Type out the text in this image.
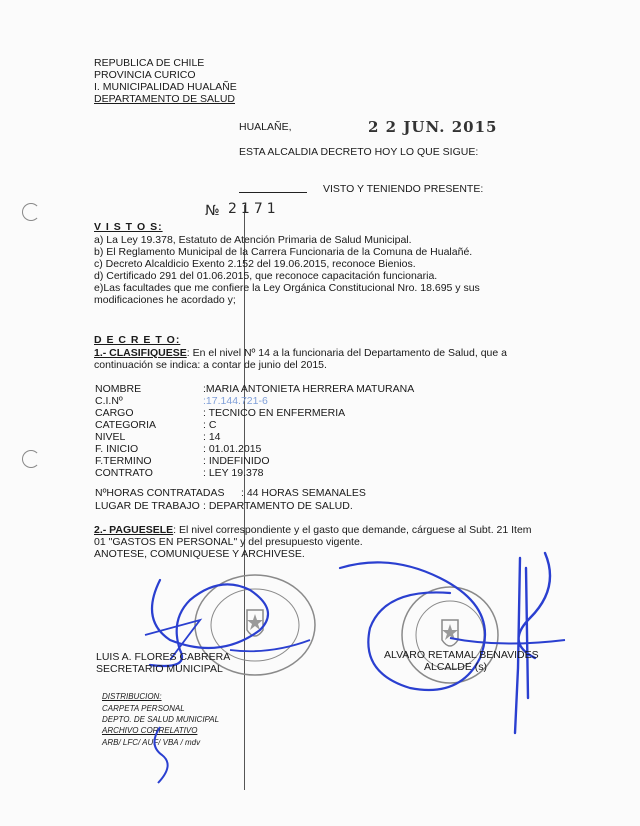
REPUBLICA DE CHILE
PROVINCIA CURICO
I. MUNICIPALIDAD HUALAÑE
DEPARTAMENTO DE SALUD
HUALAÑE,	2 2 JUN. 2015
ESTA ALCALDIA DECRETO HOY LO QUE SIGUE:
VISTO Y TENIENDO PRESENTE:
№ 2171
V I S T O S:
a) La Ley 19.378, Estatuto de Atención Primaria de Salud Municipal.
b) El Reglamento Municipal de la Carrera Funcionaria de la Comuna de Hualañé.
c) Decreto Alcaldicio Exento 2.152 del 19.06.2015, reconoce Bienios.
d) Certificado 291 del 01.06.2015, que reconoce capacitación funcionaria.
e)Las facultades que me confiere la Ley Orgánica Constitucional Nro. 18.695 y sus
modificaciones he acordado y;
D E C R E T O:
1.- CLASIFIQUESE: En el nivel Nº 14 a la funcionaria del Departamento de Salud, que a
continuación se indica: a contar de junio del 2015.
NOMBRE	:MARIA ANTONIETA HERRERA MATURANA
C.I.Nº	:17.144.721-6
CARGO	: TECNICO EN ENFERMERIA
CATEGORIA	: C
NIVEL	: 14
F. INICIO	: 01.01.2015
F.TERMINO	: INDEFINIDO
CONTRATO	: LEY 19.378
NºHORAS CONTRATADAS : 44 HORAS SEMANALES
LUGAR DE TRABAJO : DEPARTAMENTO DE SALUD.
2.- PAGUESELE: El nivel correspondiente y el gasto que demande, cárguese al Subt. 21 Item
01 "GASTOS EN PERSONAL" y del presupuesto vigente.
ANOTESE, COMUNIQUESE Y ARCHIVESE.
LUIS A. FLORES CABRERA
SECRETARIO MUNICIPAL
ALVARO RETAMAL BENAVIDES
ALCALDE (s)
DISTRIBUCION:
CARPETA PERSONAL
DEPTO. DE SALUD MUNICIPAL
ARCHIVO CORRELATIVO
ARB/ LFC/ AUF/ VBA / mdv
